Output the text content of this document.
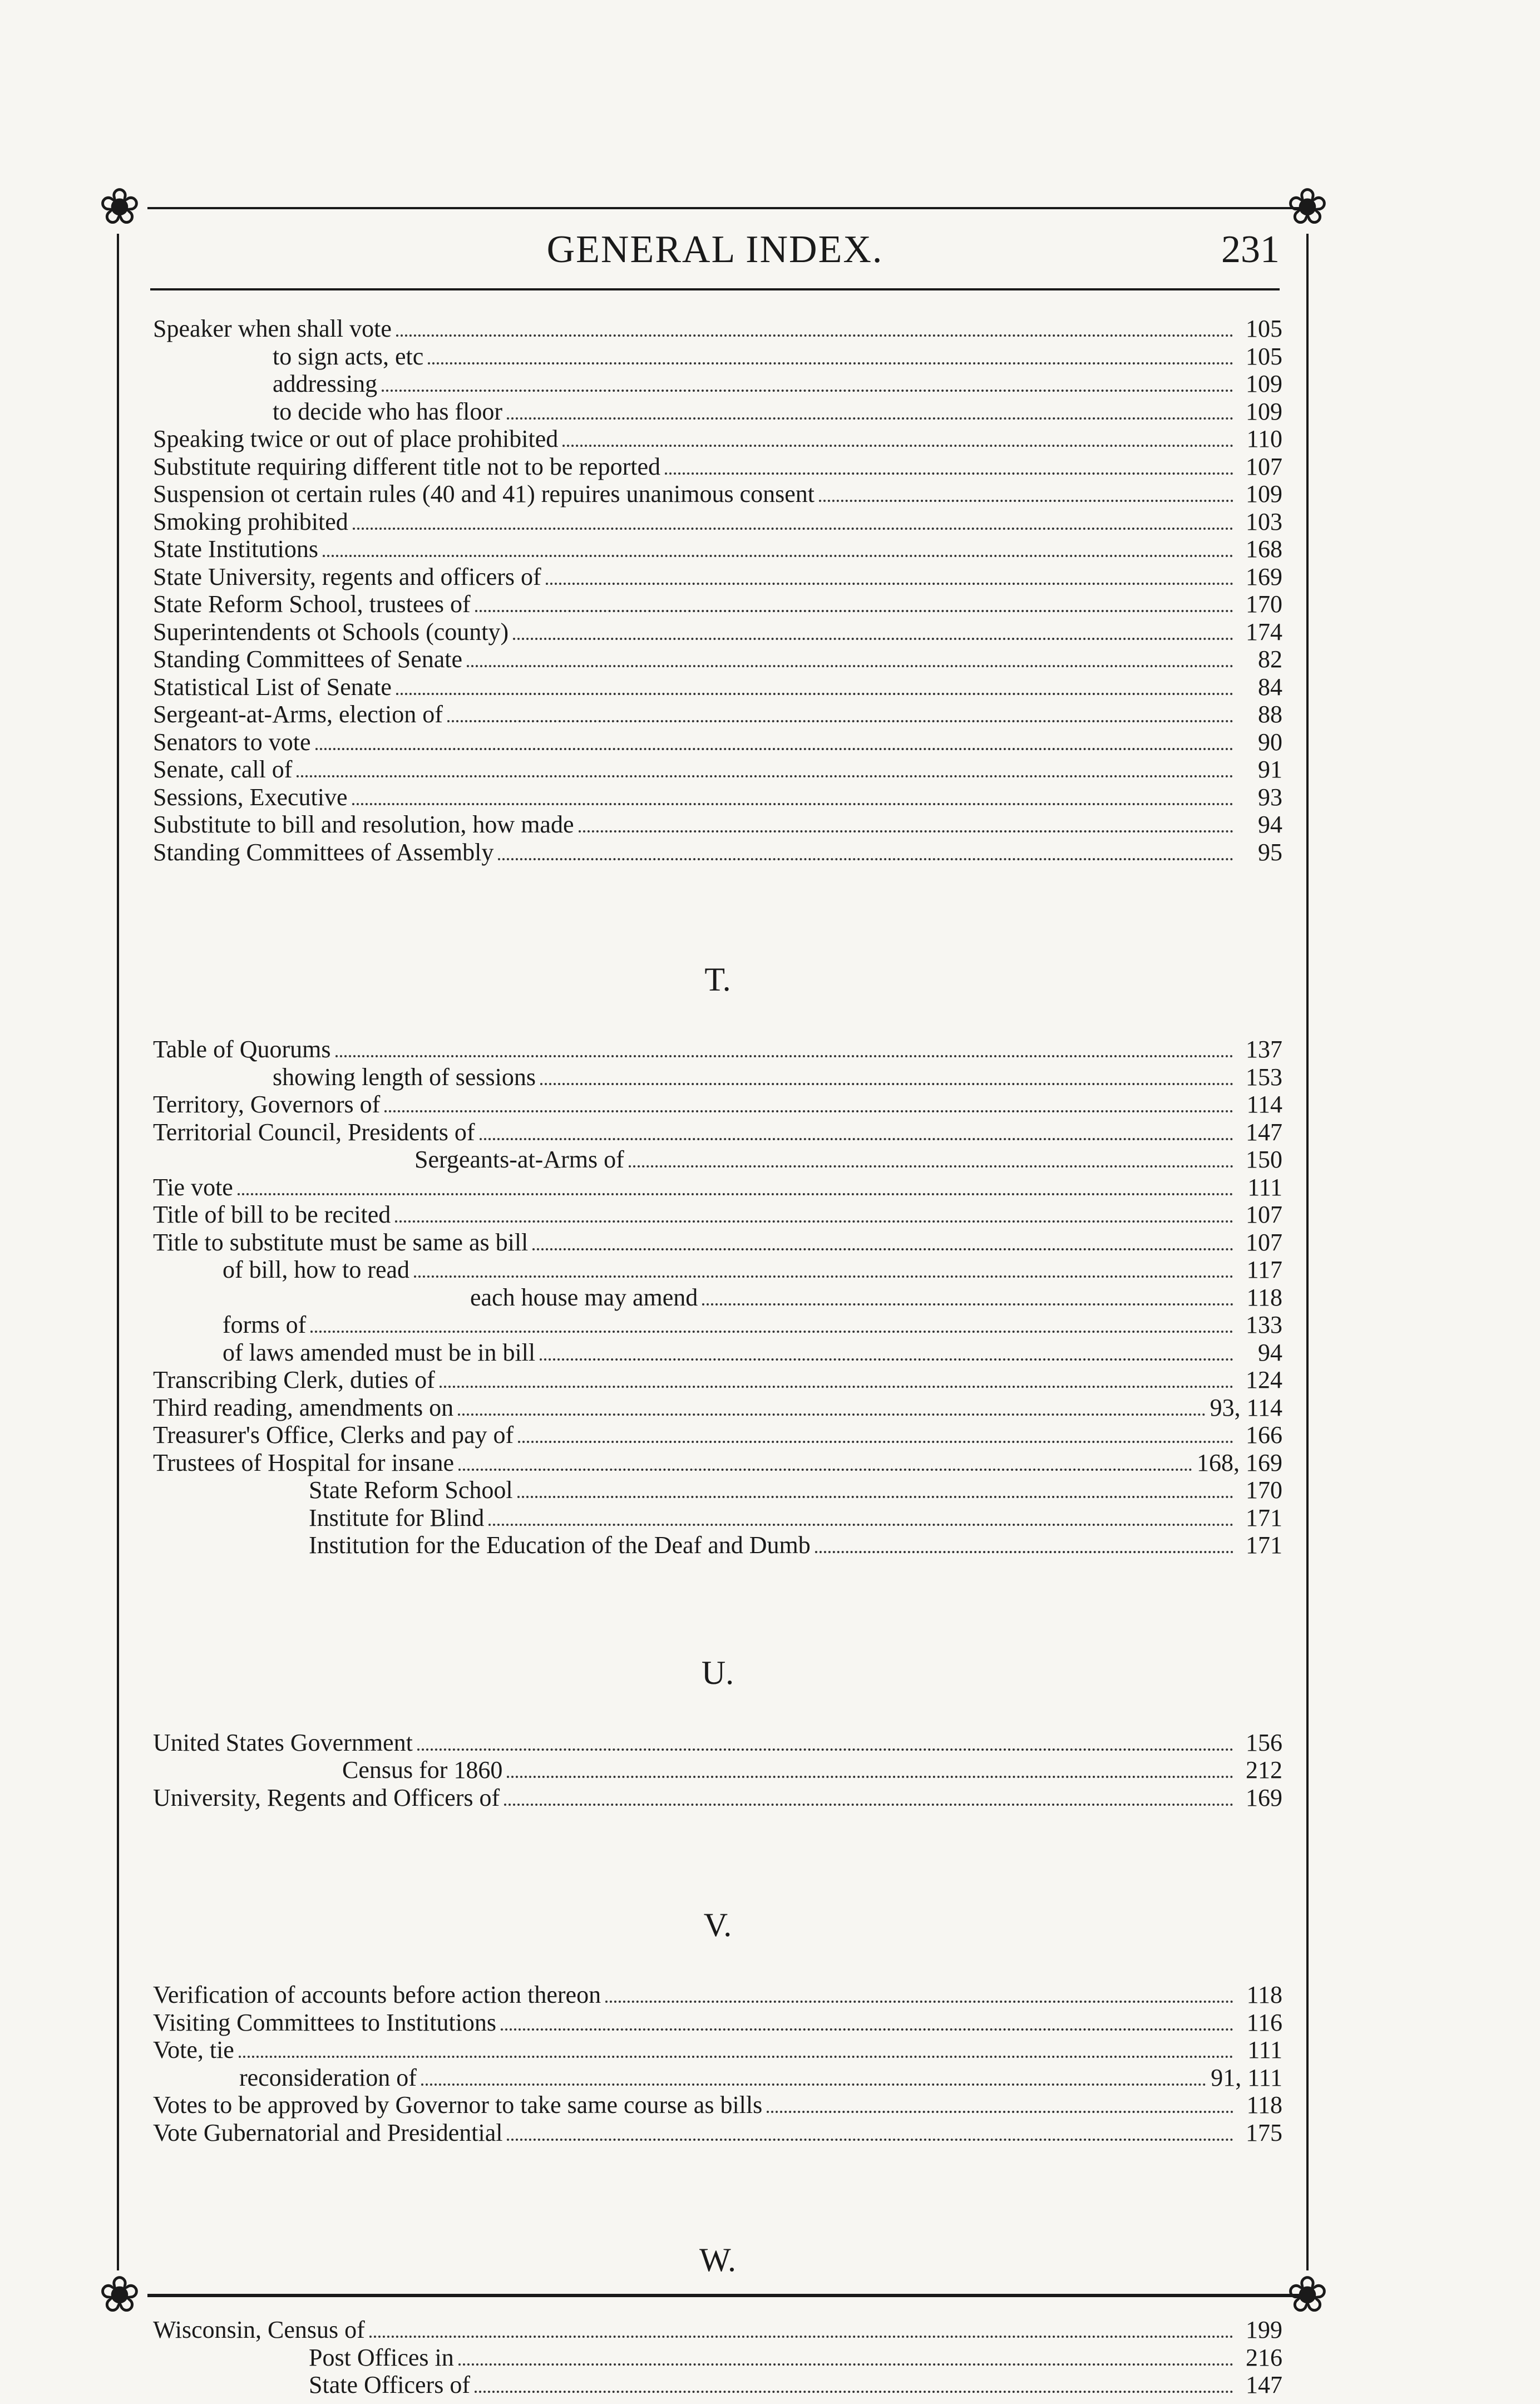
❀	❀
❀	❀
GENERAL INDEX.	231
Speaker when shall vote	105
to sign acts, etc	105
addressing	109
to decide who has floor	109
Speaking twice or out of place prohibited	110
Substitute requiring different title not to be reported	107
Suspension ot certain rules (40 and 41) repuires unanimous consent	109
Smoking prohibited	103
State Institutions	168
State University, regents and officers of	169
State Reform School, trustees of	170
Superintendents ot Schools (county)	174
Standing Committees of Senate	82
Statistical List of Senate	84
Sergeant-at-Arms, election of	88
Senators to vote	90
Senate, call of	91
Sessions, Executive	93
Substitute to bill and resolution, how made	94
Standing Committees of Assembly	95
T.
Table of Quorums	137
showing length of sessions	153
Territory, Governors of	114
Territorial Council, Presidents of	147
Sergeants-at-Arms of	150
Tie vote	111
Title of bill to be recited	107
Title to substitute must be same as bill	107
of bill, how to read	117
each house may amend	118
forms of	133
of laws amended must be in bill	94
Transcribing Clerk, duties of	124
Third reading, amendments on	93, 114
Treasurer's Office, Clerks and pay of	166
Trustees of Hospital for insane	168, 169
State Reform School	170
Institute for Blind	171
Institution for the Education of the Deaf and Dumb	171
U.
United States Government	156
Census for 1860	212
University, Regents and Officers of	169
V.
Verification of accounts before action thereon	118
Visiting Committees to Institutions	116
Vote, tie	111
reconsideration of	91, 111
Votes to be approved by Governor to take same course as bills	118
Vote Gubernatorial and Presidential	175
W.
Wisconsin, Census of	199
Post Offices in	216
State Officers of	147
